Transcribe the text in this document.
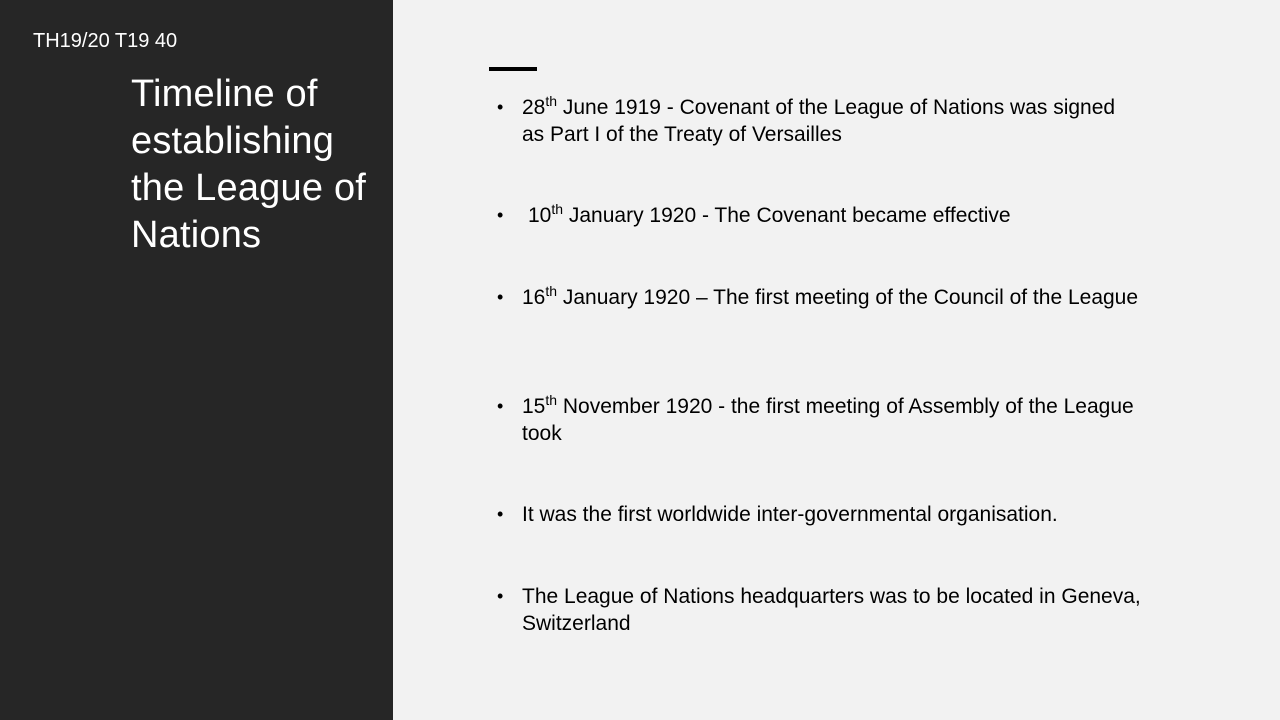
TH19/20 T19 40
Timeline of establishing the League of Nations
• 28th June 1919 - Covenant of the League of Nations was signed as Part I of the Treaty of Versailles
• 10th January 1920 - The Covenant became effective
• 16th January 1920 – The first meeting of the Council of the League
• 15th November 1920 - the first meeting of Assembly of the League took
• It was the first worldwide inter-governmental organisation.
• The League of Nations headquarters was to be located in Geneva, Switzerland
